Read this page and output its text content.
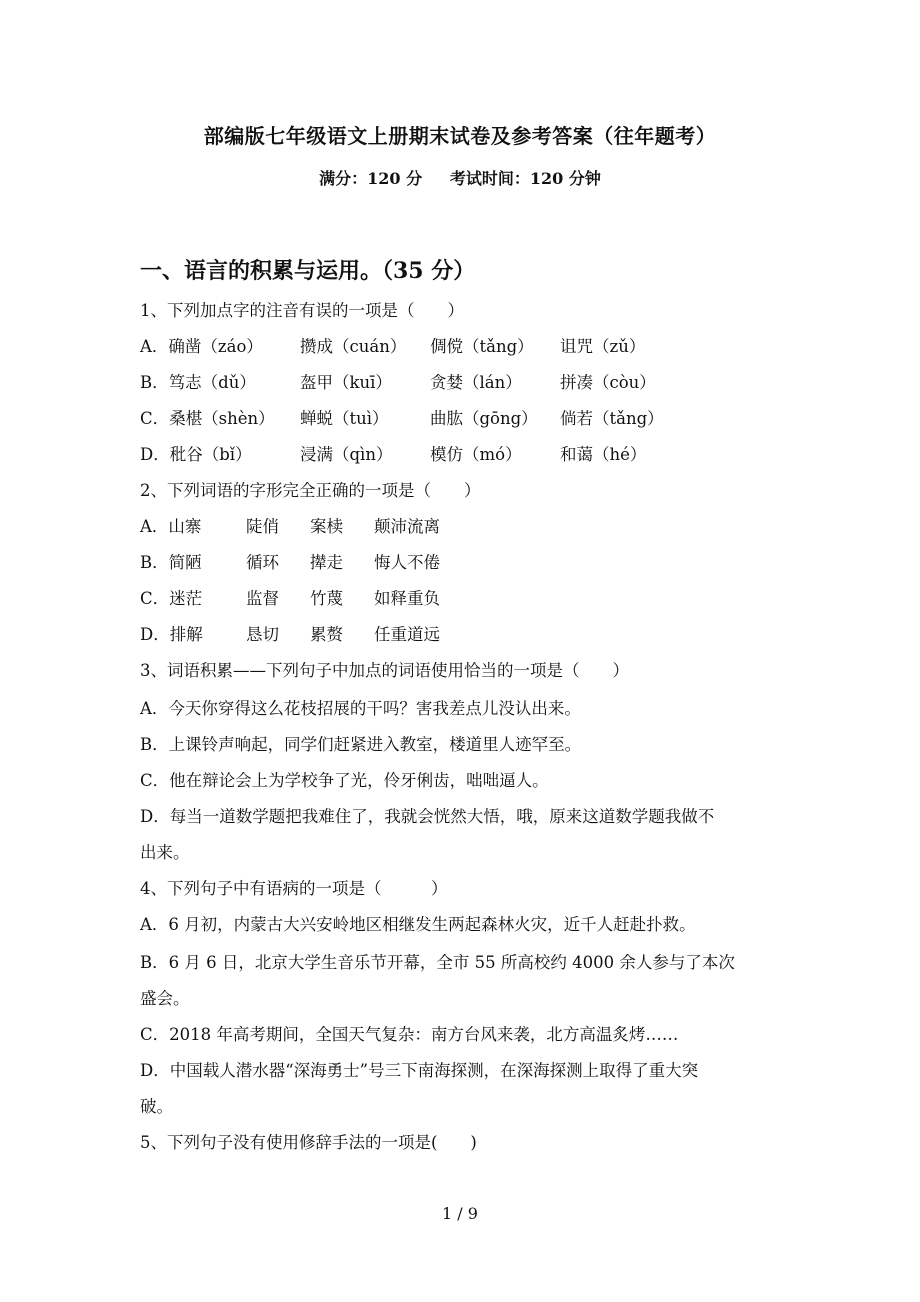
部编版七年级语文上册期末试卷及参考答案（往年题考）
满分：120 分     考试时间：120 分钟
一、语言的积累与运用。（35 分）
1、下列加点字的注音有误的一项是（　　）
A．确凿（záo） 攒成（cuán） 倜傥（tǎng） 诅咒（zǔ）
B．笃志（dǔ）	盔甲（kuī） 贪婪（lán） 拼凑（còu）
C．桑椹（shèn） 蝉蜕（tuì）	曲肱（gōng） 倘若（tǎng）
D．秕谷（bǐ）	浸满（qìn） 模仿（mó） 和蔼（hé）
2、下列词语的字形完全正确的一项是（　　）
A．山寨	陡俏 案椟 颠沛流离
B．简陋	循环 撵走 悔人不倦
C．迷茫	监督 竹蔑 如释重负
D．排解	恳切 累赘 任重道远
3、词语积累——下列句子中加点的词语使用恰当的一项是（　　）
A．今天你穿得这么花枝招展的干吗？害我差点儿没认出来。
B．上课铃声响起，同学们赶紧进入教室，楼道里人迹罕至。
C．他在辩论会上为学校争了光，伶牙俐齿，咄咄逼人。
D．每当一道数学题把我难住了，我就会恍然大悟，哦，原来这道数学题我做不
出来。
4、下列句子中有语病的一项是（　　　）
A．6 月初，内蒙古大兴安岭地区相继发生两起森林火灾，近千人赶赴扑救。
B．6 月 6 日，北京大学生音乐节开幕，全市 55 所高校约 4000 余人参与了本次
盛会。
C．2018 年高考期间，全国天气复杂：南方台风来袭，北方高温炙烤……
D．中国载人潜水器“深海勇士”号三下南海探测，在深海探测上取得了重大突
破。
5、下列句子没有使用修辞手法的一项是(　　)
1 / 9
